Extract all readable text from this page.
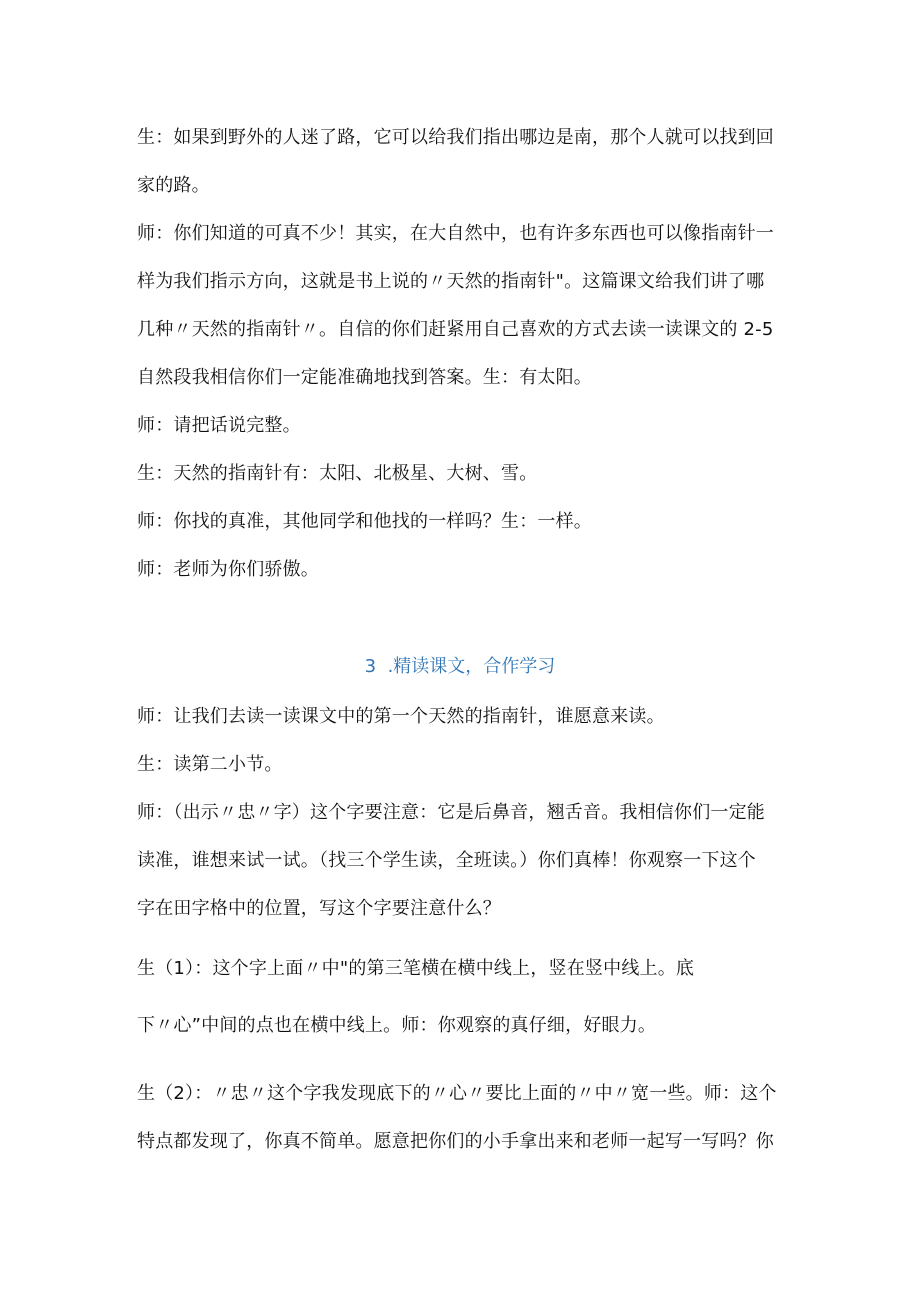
生：如果到野外的人迷了路，它可以给我们指出哪边是南，那个人就可以找到回
家的路。
师：你们知道的可真不少！其实，在大自然中，也有许多东西也可以像指南针一
样为我们指示方向，这就是书上说的〃天然的指南针"。这篇课文给我们讲了哪
几种〃天然的指南针〃。自信的你们赶紧用自己喜欢的方式去读一读课文的 2-5
自然段我相信你们一定能准确地找到答案。生：有太阳。
师：请把话说完整。
生：天然的指南针有：太阳、北极星、大树、雪。
师：你找的真准，其他同学和他找的一样吗？生：一样。
师：老师为你们骄傲。
3 .精读课文，合作学习
师：让我们去读一读课文中的第一个天然的指南针，谁愿意来读。
生：读第二小节。
师：（出示〃忠〃字）这个字要注意：它是后鼻音，翘舌音。我相信你们一定能
读准，谁想来试一试。（找三个学生读，全班读。）你们真棒！你观察一下这个
字在田字格中的位置，写这个字要注意什么？
生（1）：这个字上面〃中"的第三笔横在横中线上，竖在竖中线上。底
下〃心”中间的点也在横中线上。师：你观察的真仔细，好眼力。
生（2）：〃忠〃这个字我发现底下的〃心〃要比上面的〃中〃宽一些。师：这个
特点都发现了，你真不简单。愿意把你们的小手拿出来和老师一起写一写吗？你
